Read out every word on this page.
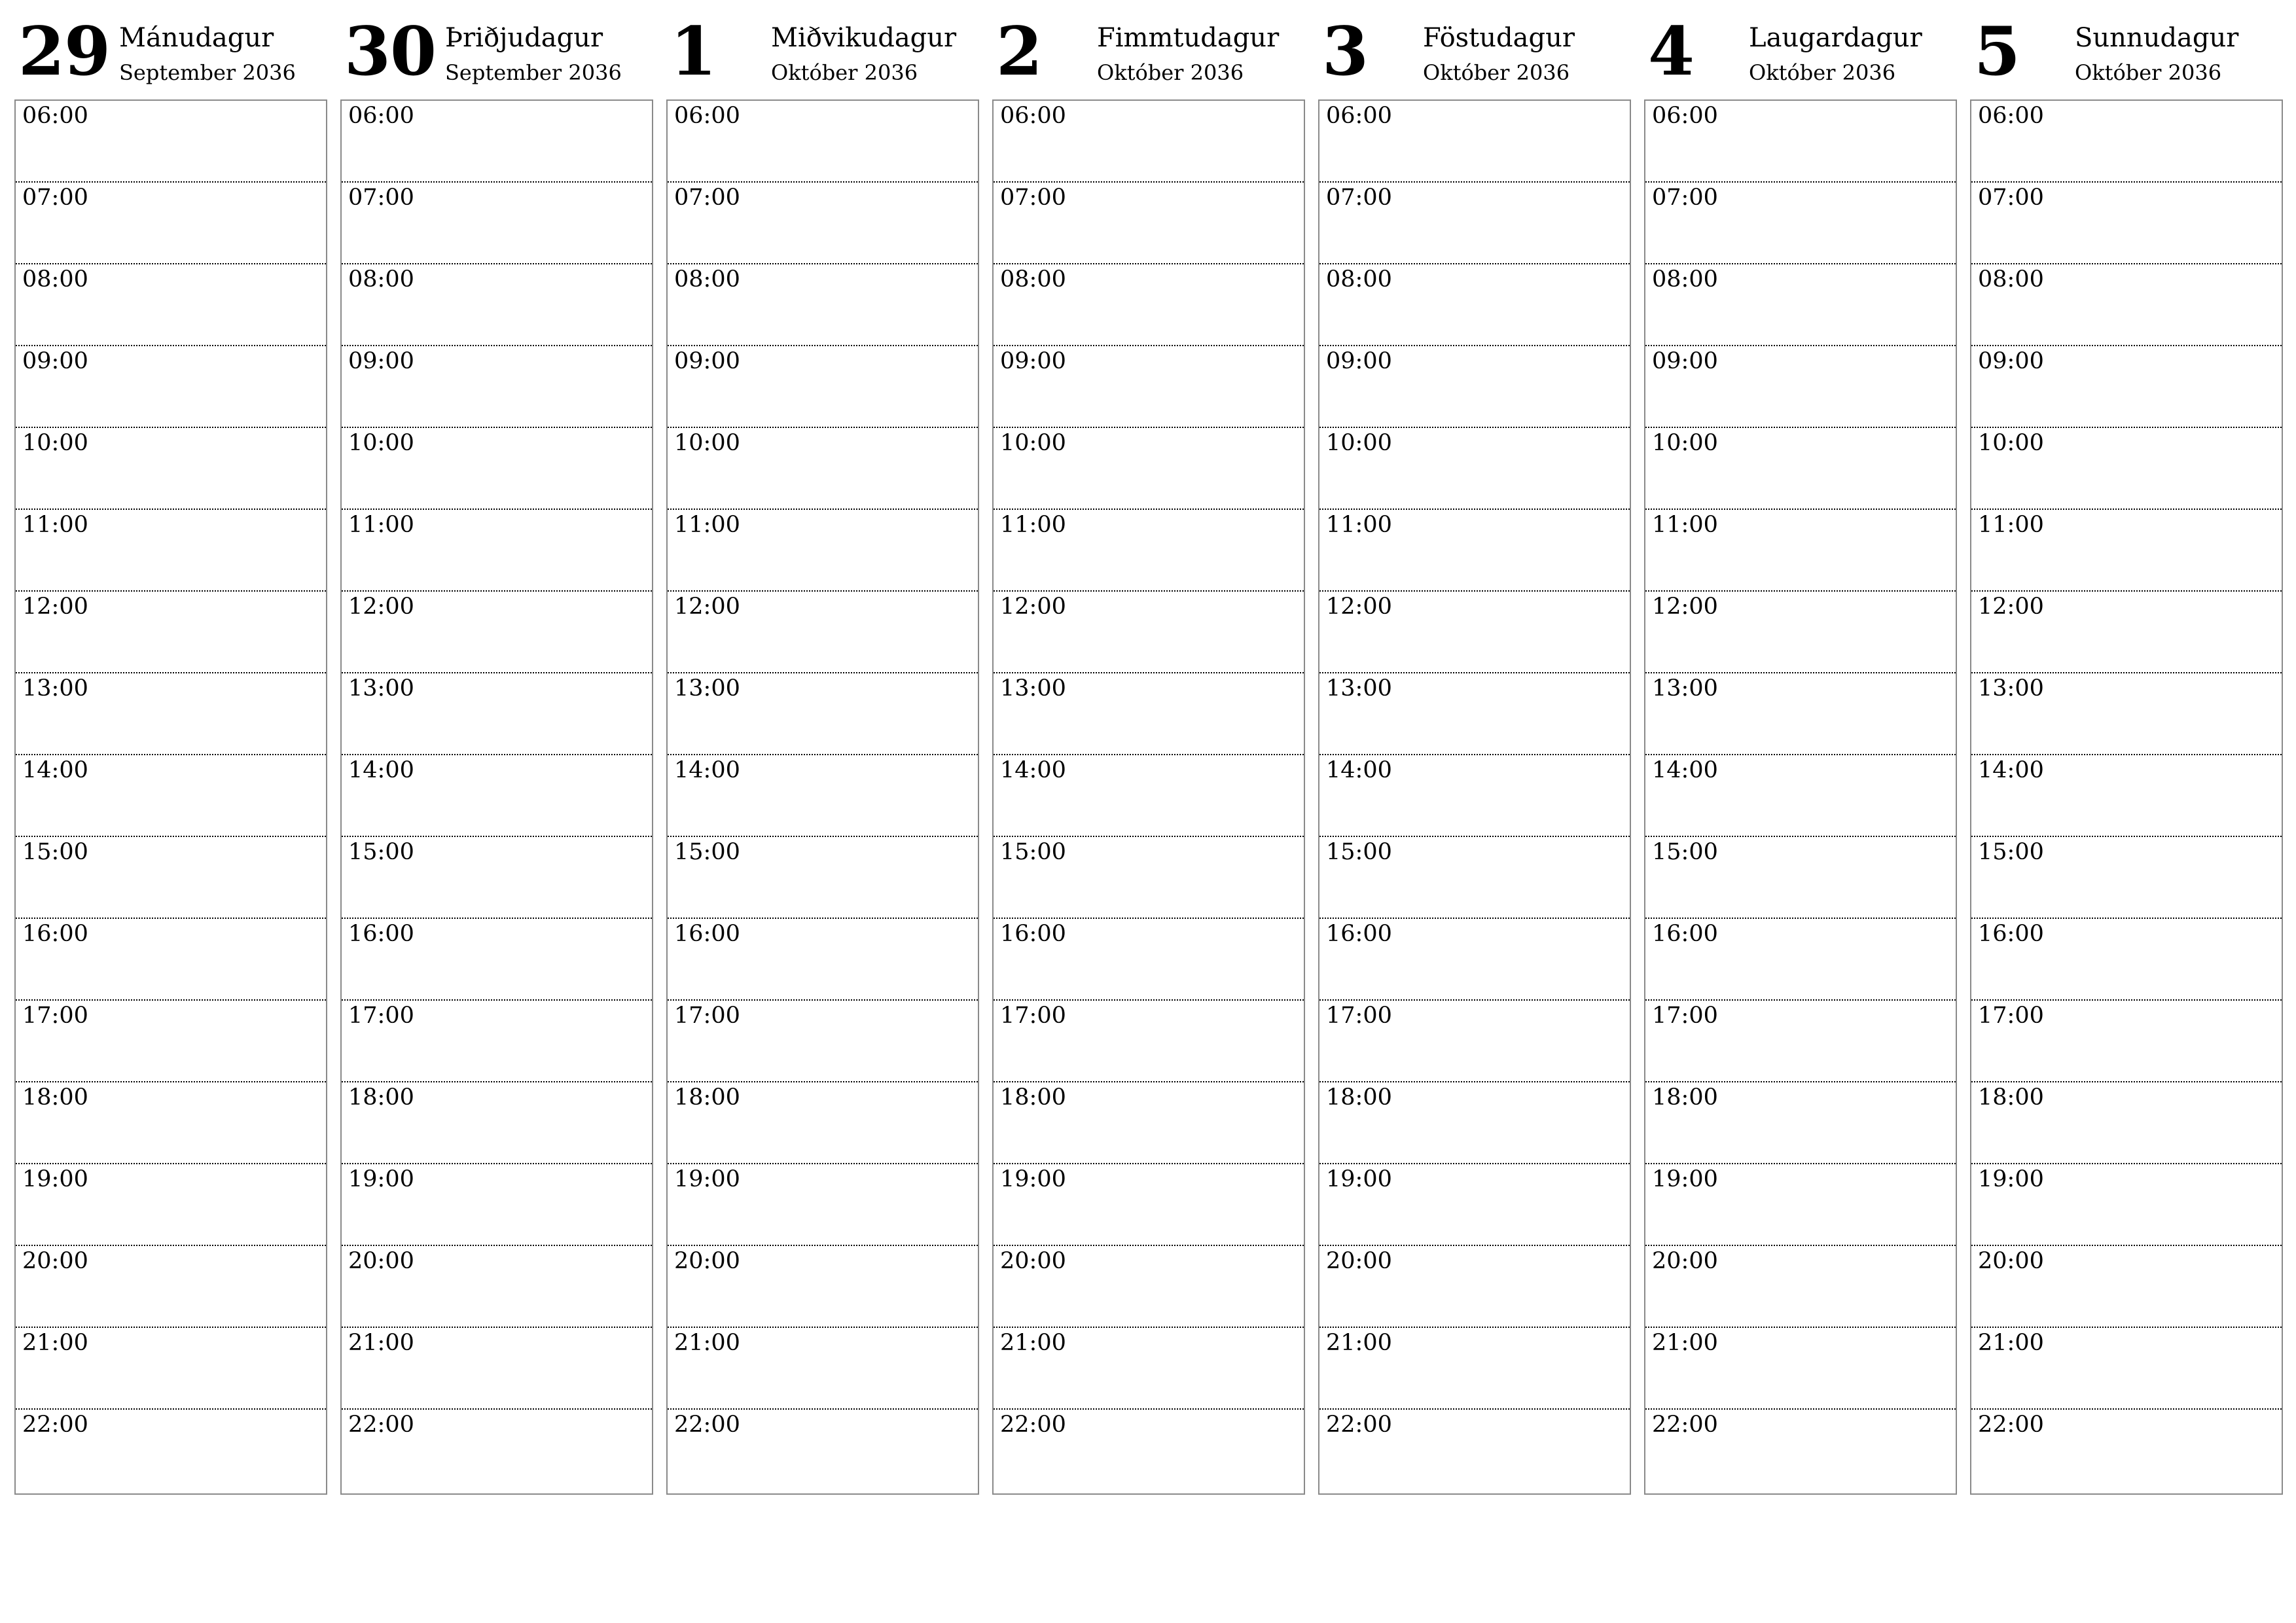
29 Mánudagur
September 2036
06:00
07:00
08:00
09:00
10:00
11:00
12:00
13:00
14:00
15:00
16:00
17:00
18:00
19:00
20:00
21:00
22:00
30 Þriðjudagur
September 2036
06:00
07:00
08:00
09:00
10:00
11:00
12:00
13:00
14:00
15:00
16:00
17:00
18:00
19:00
20:00
21:00
22:00
1 Miðvikudagur
Október 2036
06:00
07:00
08:00
09:00
10:00
11:00
12:00
13:00
14:00
15:00
16:00
17:00
18:00
19:00
20:00
21:00
22:00
2 Fimmtudagur
Október 2036
06:00
07:00
08:00
09:00
10:00
11:00
12:00
13:00
14:00
15:00
16:00
17:00
18:00
19:00
20:00
21:00
22:00
3 Föstudagur
Október 2036
06:00
07:00
08:00
09:00
10:00
11:00
12:00
13:00
14:00
15:00
16:00
17:00
18:00
19:00
20:00
21:00
22:00
4 Laugardagur
Október 2036
06:00
07:00
08:00
09:00
10:00
11:00
12:00
13:00
14:00
15:00
16:00
17:00
18:00
19:00
20:00
21:00
22:00
5 Sunnudagur
Október 2036
06:00
07:00
08:00
09:00
10:00
11:00
12:00
13:00
14:00
15:00
16:00
17:00
18:00
19:00
20:00
21:00
22:00
